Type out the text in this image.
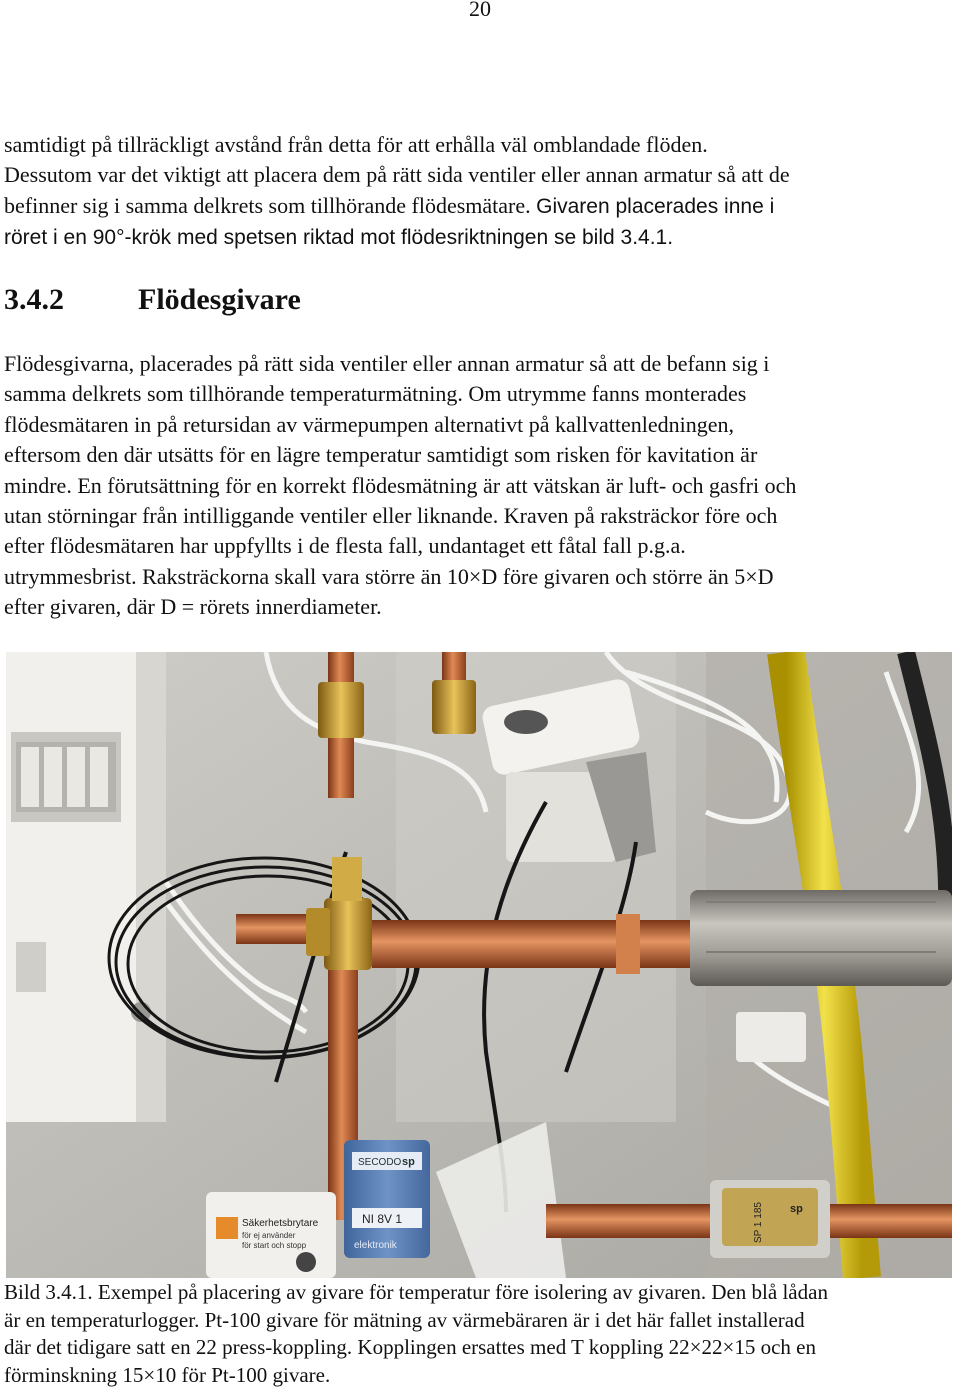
20

samtidigt på tillräckligt avstånd från detta för att erhålla väl omblandade flöden.
Dessutom var det viktigt att placera dem på rätt sida ventiler eller annan armatur så att de
befinner sig i samma delkrets som tillhörande flödesmätare. Givaren placerades inne i
röret i en 90°-krök med spetsen riktad mot flödesriktningen se bild 3.4.1.

3.4.2 Flödesgivare

Flödesgivarna, placerades på rätt sida ventiler eller annan armatur så att de befann sig i
samma delkrets som tillhörande temperaturmätning. Om utrymme fanns monterades
flödesmätaren in på retursidan av värmepumpen alternativt på kallvattenledningen,
eftersom den där utsätts för en lägre temperatur samtidigt som risken för kavitation är
mindre. En förutsättning för en korrekt flödesmätning är att vätskan är luft- och gasfri och
utan störningar från intilliggande ventiler eller liknande. Kraven på raksträckor före och
efter flödesmätaren har uppfyllts i de flesta fall, undantaget ett fåtal fall p.g.a.
utrymmesbrist. Raksträckorna skall vara större än 10×D före givaren och större än 5×D
efter givaren, där D = rörets innerdiameter.

SECODO sp
NI 8V 1
elektronik
Säkerhetsbrytare
för ej använder
för start och stopp
SP 1 185 sp

Bild 3.4.1. Exempel på placering av givare för temperatur före isolering av givaren. Den blå lådan
är en temperaturlogger. Pt-100 givare för mätning av värmebäraren är i det här fallet installerad
där det tidigare satt en 22 press-koppling. Kopplingen ersattes med T koppling 22×22×15 och en
förminskning 15×10 för Pt-100 givare.
